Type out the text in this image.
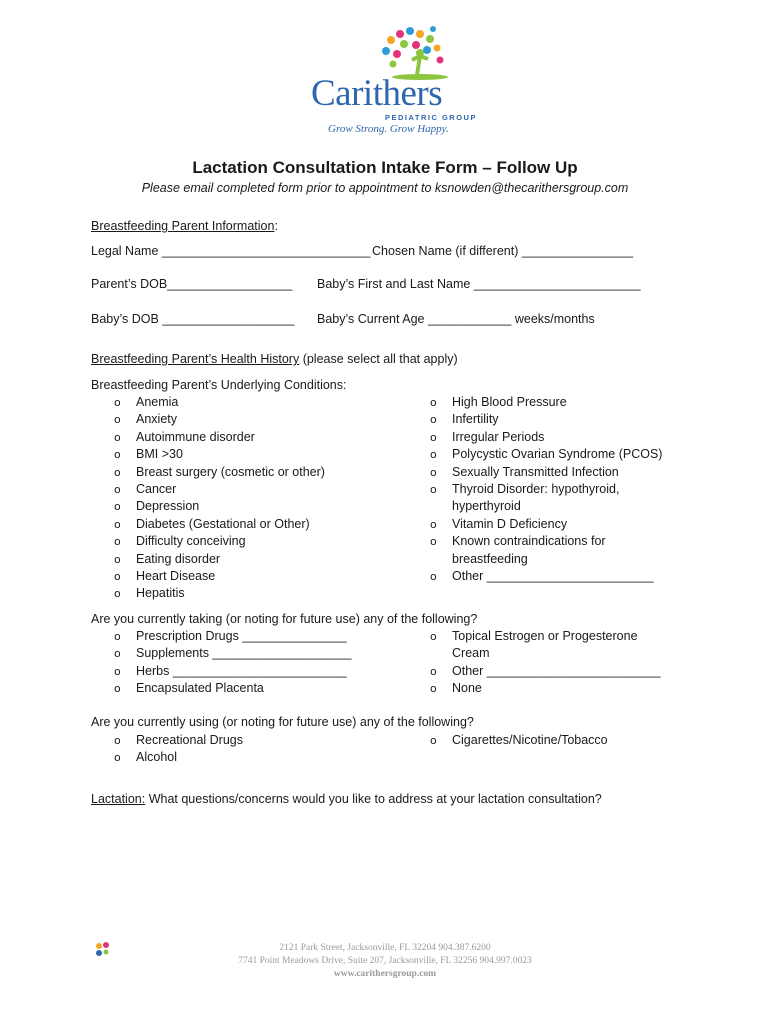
Carithers
PEDIATRIC GROUP
Grow Strong. Grow Happy.
Lactation Consultation Intake Form – Follow Up
Please email completed form prior to appointment to ksnowden@thecarithersgroup.com
Breastfeeding Parent Information:
Legal Name ______________________________ Chosen Name (if different) ________________
Parent’s DOB__________________ Baby’s First and Last Name ________________________
Baby’s DOB ___________________ Baby’s Current Age ____________ weeks/months
Breastfeeding Parent’s Health History (please select all that apply)
Breastfeeding Parent’s Underlying Conditions:
o Anemia
o Anxiety
o Autoimmune disorder
o BMI >30
o Breast surgery (cosmetic or other)
o Cancer
o Depression
o Diabetes (Gestational or Other)
o Difficulty conceiving
o Eating disorder
o Heart Disease
o Hepatitis
o High Blood Pressure
o Infertility
o Irregular Periods
o Polycystic Ovarian Syndrome (PCOS)
o Sexually Transmitted Infection
o Thyroid Disorder: hypothyroid,
hyperthyroid
o Vitamin D Deficiency
o Known contraindications for
breastfeeding
o Other ________________________
Are you currently taking (or noting for future use) any of the following?
o Prescription Drugs _______________
o Supplements ____________________
o Herbs _________________________
o Encapsulated Placenta
o Topical Estrogen or Progesterone
Cream
o Other _________________________
o None
Are you currently using (or noting for future use) any of the following?
o Recreational Drugs
o Alcohol
o Cigarettes/Nicotine/Tobacco
Lactation: What questions/concerns would you like to address at your lactation consultation?
2121 Park Street, Jacksonville, FL 32204 904.387.6200
7741 Point Meadows Drive, Suite 207, Jacksonville, FL 32256 904.997.0023
www.carithersgroup.com
